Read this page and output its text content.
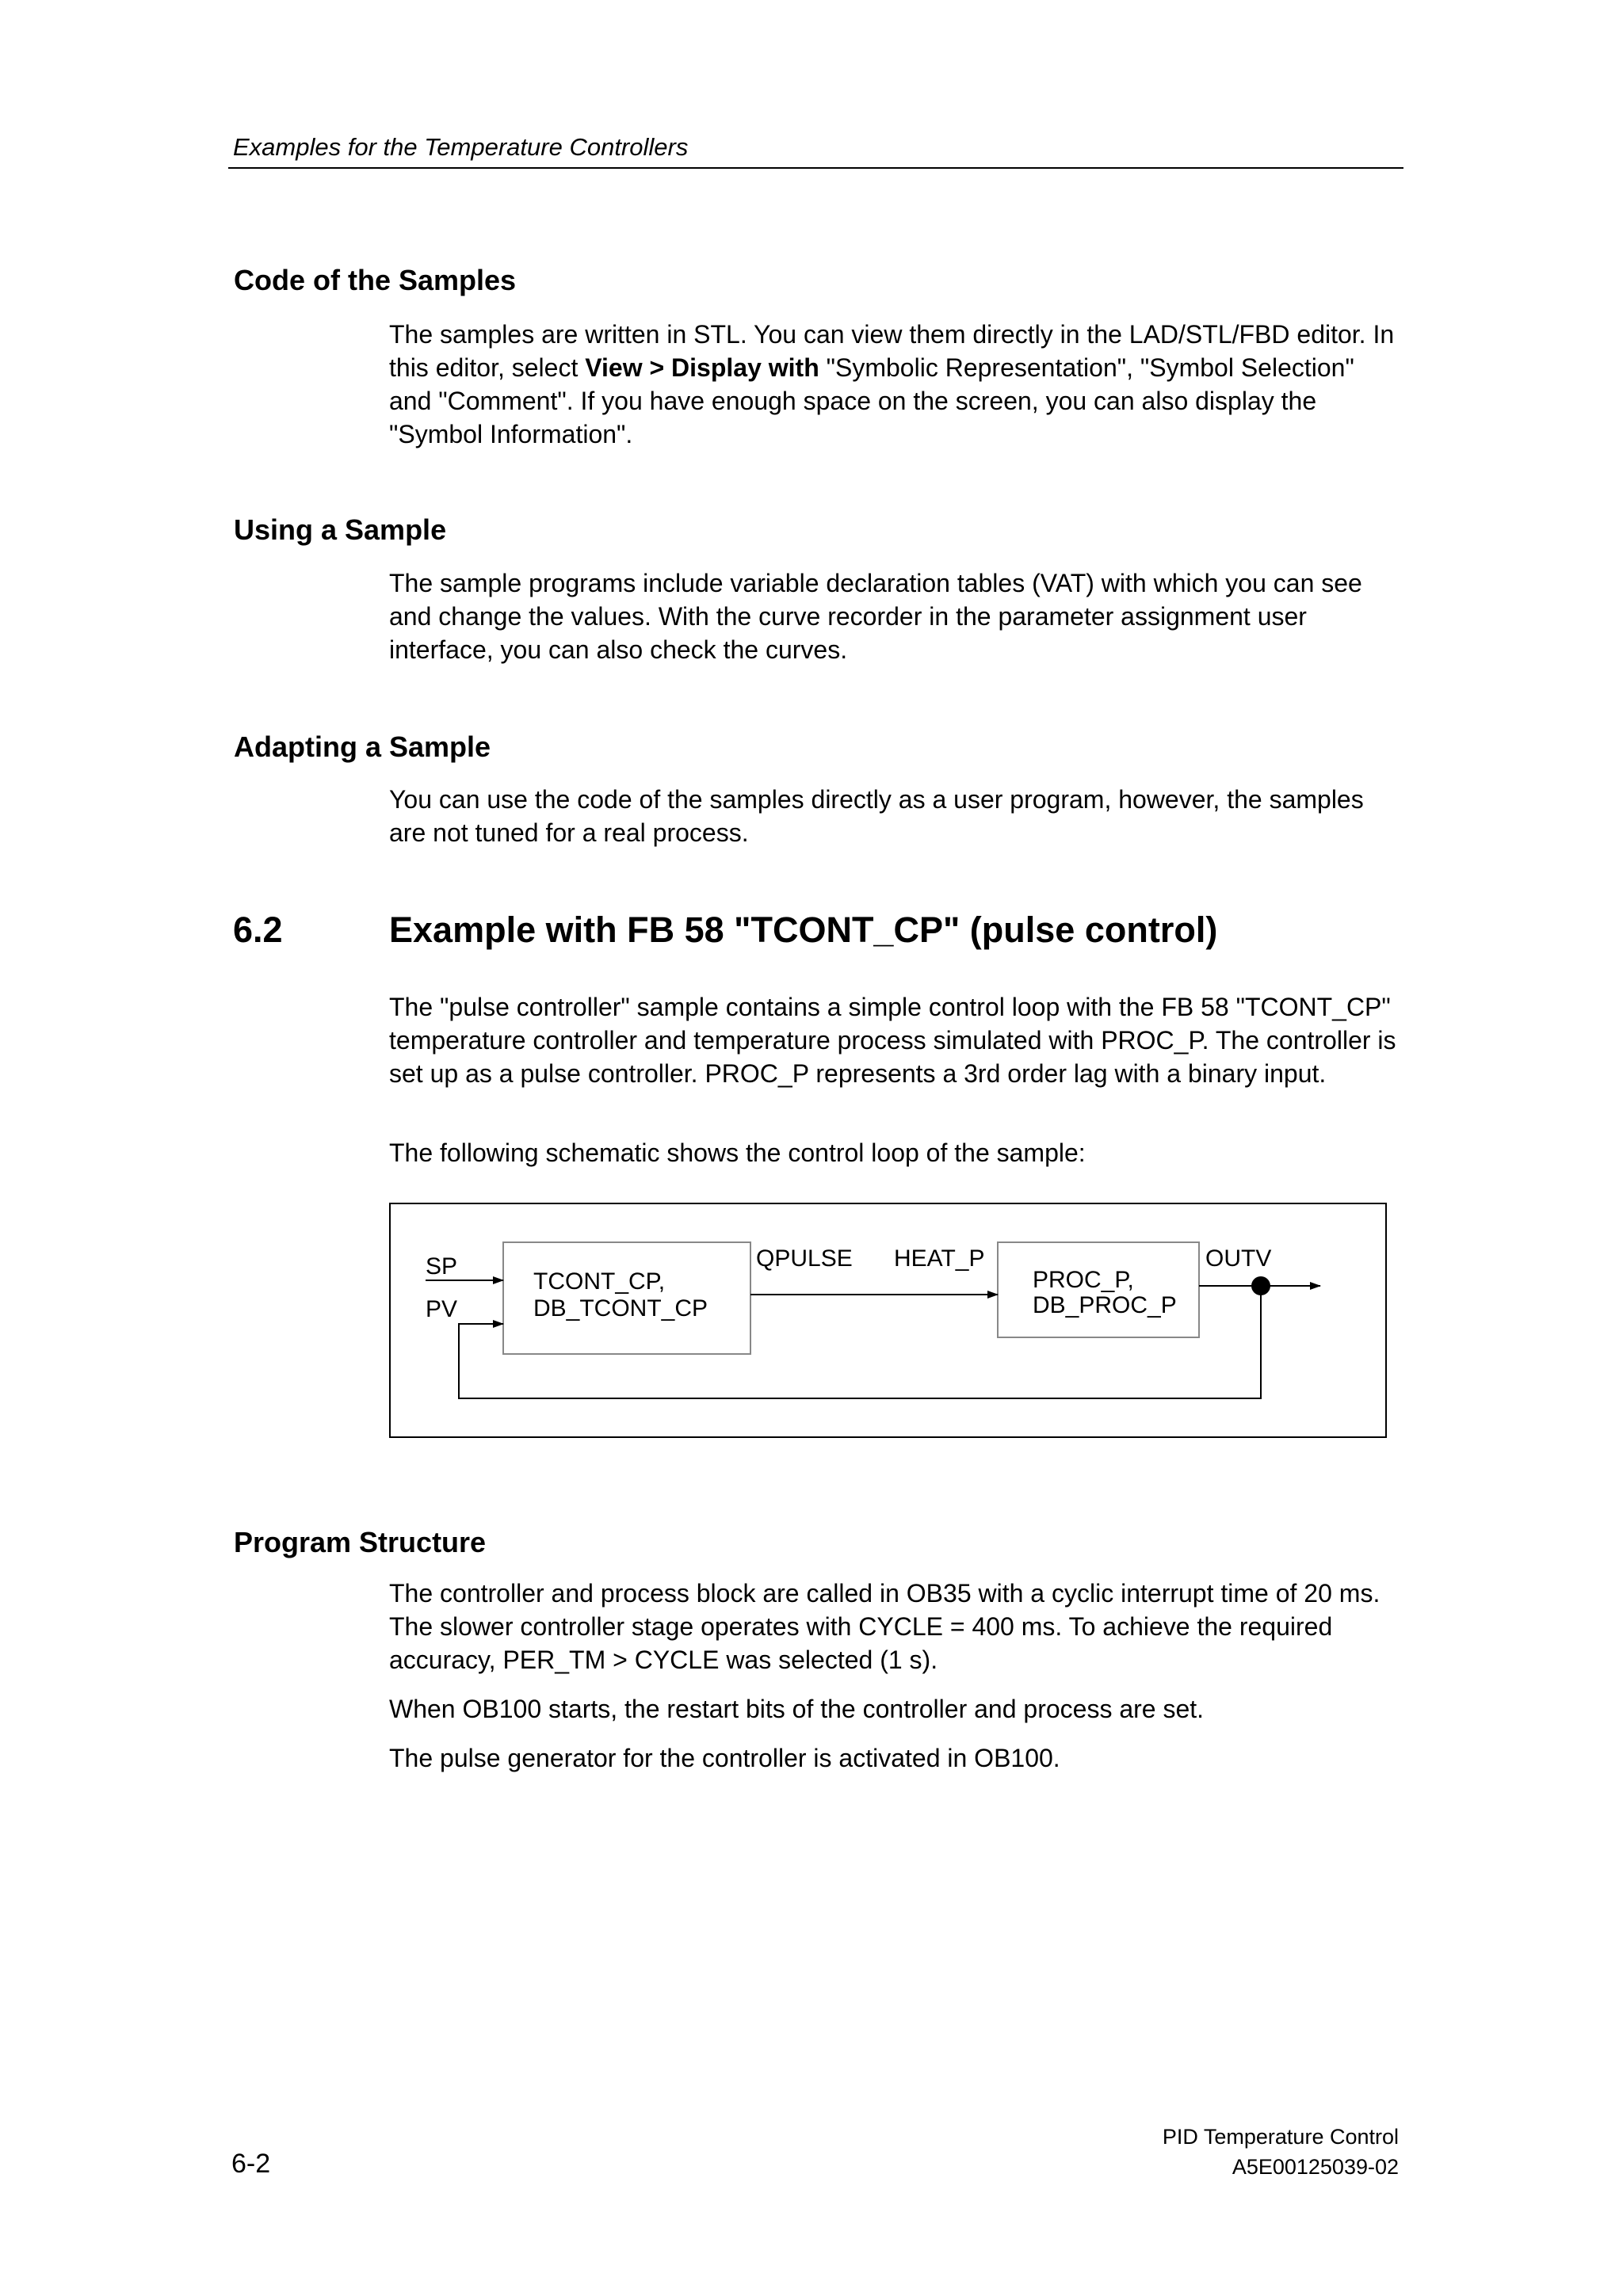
Examples for the Temperature Controllers
Code of the Samples

The samples are written in STL. You can view them directly in the LAD/STL/FBD editor. In this editor, select View > Display with "Symbolic Representation", "Symbol Selection" and "Comment". If you have enough space on the screen, you can also display the "Symbol Information".

Using a Sample
The sample programs include variable declaration tables (VAT) with which you can see and change the values. With the curve recorder in the parameter assignment user interface, you can also check the curves.
Adapting a Sample
You can use the code of the samples directly as a user program, however, the samples are not tuned for a real process.
6.2	Example with FB 58 "TCONT_CP" (pulse control)
The "pulse controller" sample contains a simple control loop with the FB 58 "TCONT_CP" temperature controller and temperature process simulated with PROC_P. The controller is set up as a pulse controller. PROC_P represents a 3rd order lag with a binary input.
The following schematic shows the control loop of the sample:
SP
PV
TCONT_CP,
DB_TCONT_CP
QPULSE HEAT_P
PROC_P,
DB_PROC_P
OUTV
Program Structure
The controller and process block are called in OB35 with a cyclic interrupt time of 20 ms. The slower controller stage operates with CYCLE = 400 ms. To achieve the required accuracy, PER_TM > CYCLE was selected (1 s).
When OB100 starts, the restart bits of the controller and process are set.
The pulse generator for the controller is activated in OB100.
6-2
PID Temperature Control
A5E00125039-02
